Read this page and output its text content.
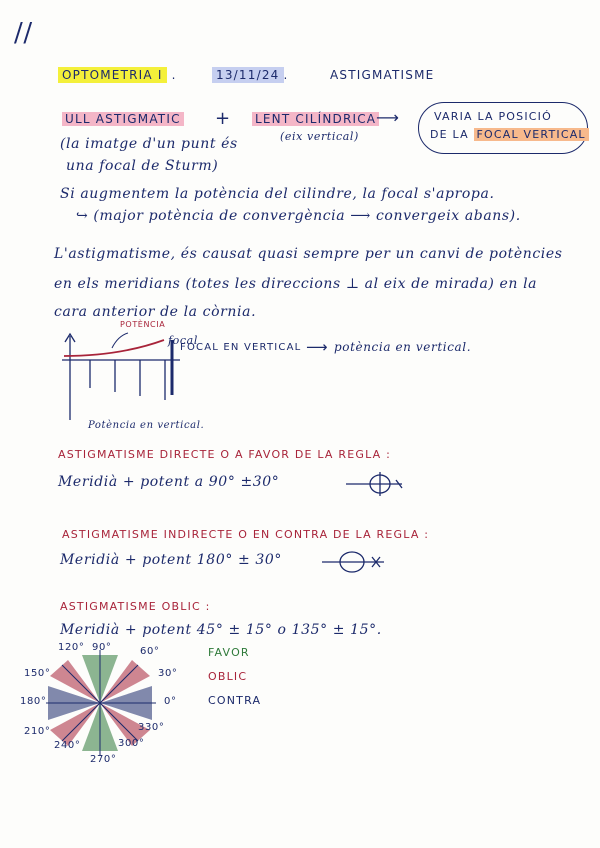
//
OPTOMETRIA I .	13/11/24 .	ASTIGMATISME
ULL ASTIGMATIC + LENT CILÍNDRICA ⟶
(eix vertical)
(la imatge d'un punt és
una focal de Sturm)
VARIA LA POSICIÓ
DE LA FOCAL VERTICAL
Si augmentem la potència del cilindre, la focal s'apropa.
↪ (major potència de convergència ⟶ convergeix abans).
L'astigmatisme, és causat quasi sempre per un canvi de potències
en els meridians (totes les direccions ⊥ al eix de mirada) en la
cara anterior de la còrnia.
POTÈNCIA
focal
FOCAL EN VERTICAL ⟶ potència en vertical.
Potència en vertical.
ASTIGMATISME DIRECTE O A FAVOR DE LA REGLA :
Meridià + potent a 90° ±30°
ASTIGMATISME INDIRECTE O EN CONTRA DE LA REGLA :
Meridià + potent 180° ± 30°
ASTIGMATISME OBLIC :
Meridià + potent 45° ± 15° o 135° ± 15°.
120° 90°	60°
150°	30°
180°	0°
210°	330°
240°	300°
270°
FAVOR
OBLIC
CONTRA
